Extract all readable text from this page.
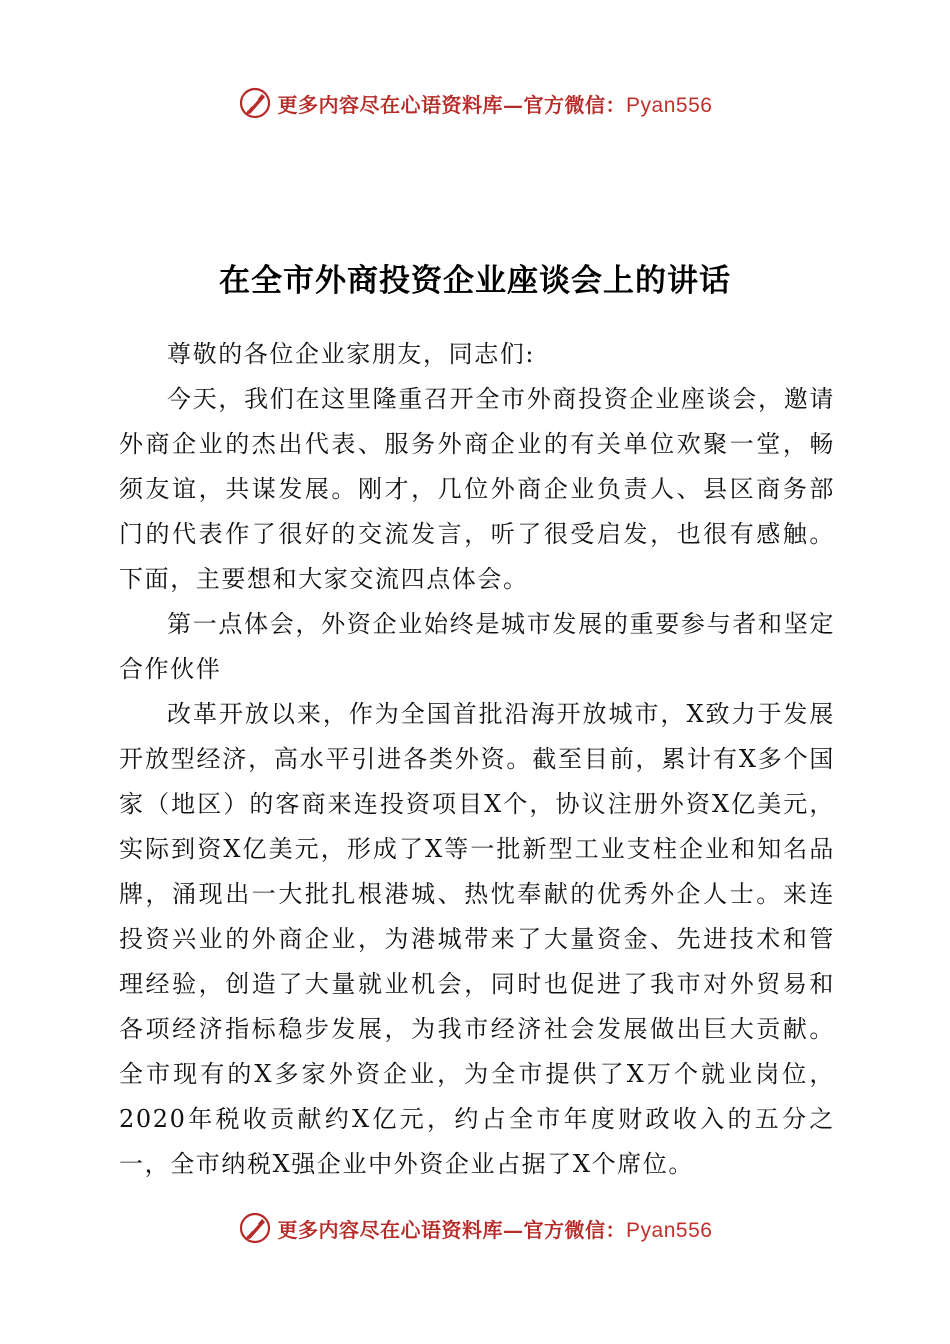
更多内容尽在心语资料库—官方微信：Pyan556
在全市外商投资企业座谈会上的讲话

尊敬的各位企业家朋友，同志们:

今天，我们在这里隆重召开全市外商投资企业座谈会，邀请外商企业的杰出代表、服务外商企业的有关单位欢聚一堂，畅须友谊，共谋发展。刚才，几位外商企业负责人、县区商务部门的代表作了很好的交流发言，听了很受启发，也很有感触。下面，主要想和大家交流四点体会。

第一点体会，外资企业始终是城市发展的重要参与者和坚定合作伙伴

改革开放以来，作为全国首批沿海开放城市，X致力于发展开放型经济，高水平引进各类外资。截至目前，累计有X多个国家（地区）的客商来连投资项目X个，协议注册外资X亿美元，实际到资X亿美元，形成了X等一批新型工业支柱企业和知名品牌，涌现出一大批扎根港城、热忱奉献的优秀外企人士。来连投资兴业的外商企业，为港城带来了大量资金、先进技术和管理经验，创造了大量就业机会，同时也促进了我市对外贸易和各项经济指标稳步发展，为我市经济社会发展做出巨大贡献。全市现有的X多家外资企业，为全市提供了X万个就业岗位，2020年税收贡献约X亿元，约占全市年度财政收入的五分之一，全市纳税X强企业中外资企业占据了X个席位。

更多内容尽在心语资料库—官方微信：Pyan556
